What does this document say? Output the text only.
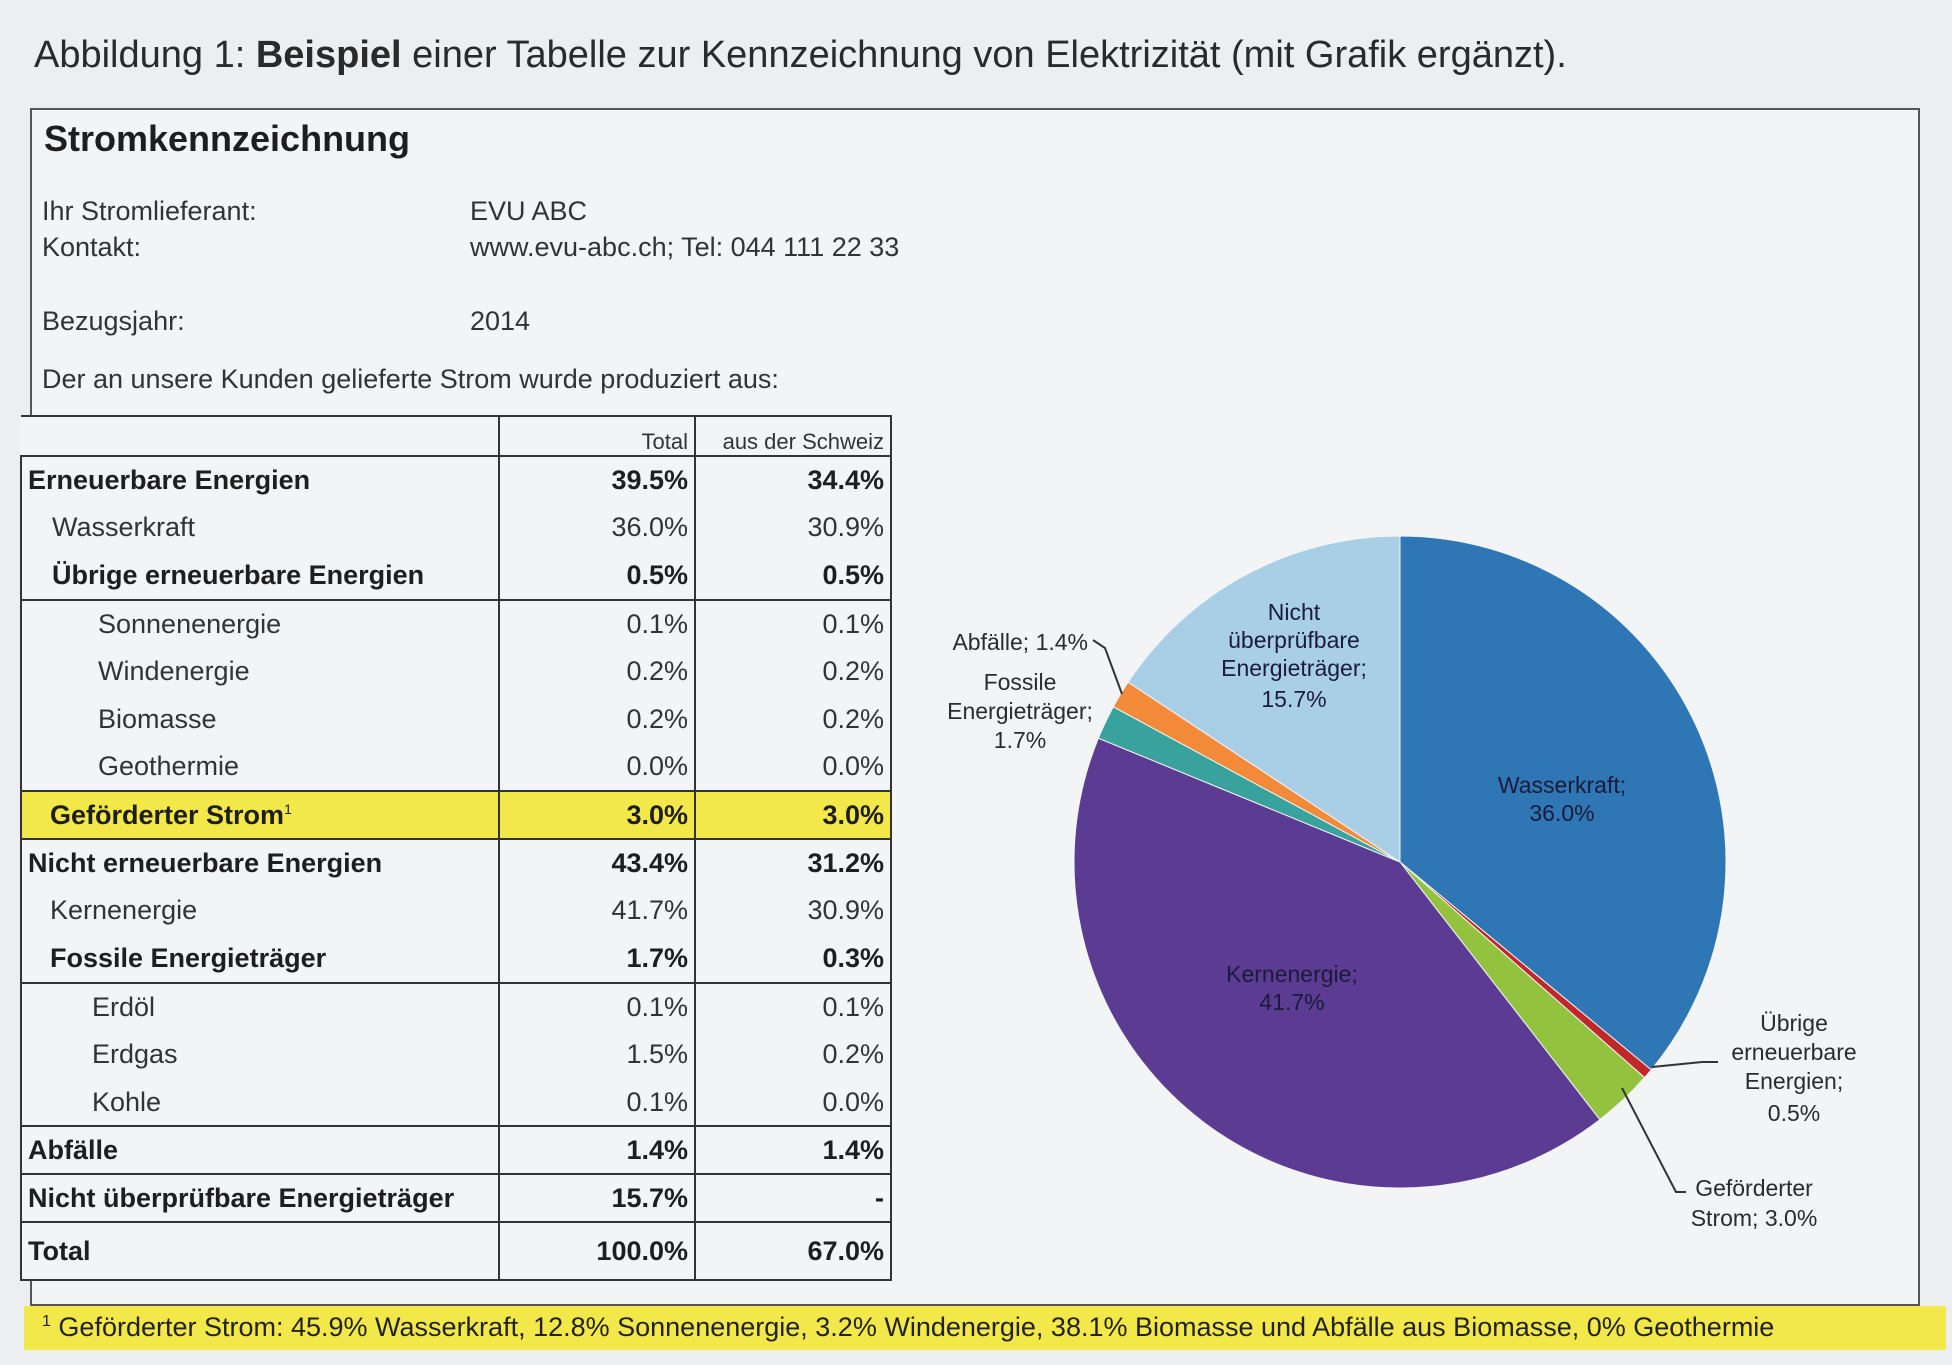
Abbildung 1: Beispiel einer Tabelle zur Kennzeichnung von Elektrizität (mit Grafik ergänzt).
Stromkennzeichnung
Ihr Stromlieferant:	EVU ABC
Kontakt:	www.evu-abc.ch; Tel: 044 111 22 33
Bezugsjahr:	2014
Der an unsere Kunden gelieferte Strom wurde produziert aus:
	Total	aus der Schweiz
Erneuerbare Energien	39.5%	34.4%
Wasserkraft	36.0%	30.9%
Übrige erneuerbare Energien	0.5%	0.5%
Sonnenenergie	0.1%	0.1%
Windenergie	0.2%	0.2%
Biomasse	0.2%	0.2%
Geothermie	0.0%	0.0%
Geförderter Strom$^1$	3.0%	3.0%
Nicht erneuerbare Energien	43.4%	31.2%
Kernenergie	41.7%	30.9%
Fossile Energieträger	1.7%	0.3%
Erdöl	0.1%	0.1%
Erdgas	1.5%	0.2%
Kohle	0.1%	0.0%
Abfälle	1.4%	1.4%
Nicht überprüfbare Energieträger	15.7%	-
Total	100.0%	67.0%
Wasserkraft;
36.0%
Kernenergie;
41.7%
Nicht
überprüfbare
Energieträger;
15.7%
Abfälle; 1.4%
Fossile
Energieträger;
1.7%
Übrige
erneuerbare
Energien;
0.5%
Geförderter
Strom; 3.0%
$^1$ Geförderter Strom: 45.9% Wasserkraft, 12.8% Sonnenenergie, 3.2% Windenergie, 38.1% Biomasse und Abfälle aus Biomasse, 0% Geothermie
